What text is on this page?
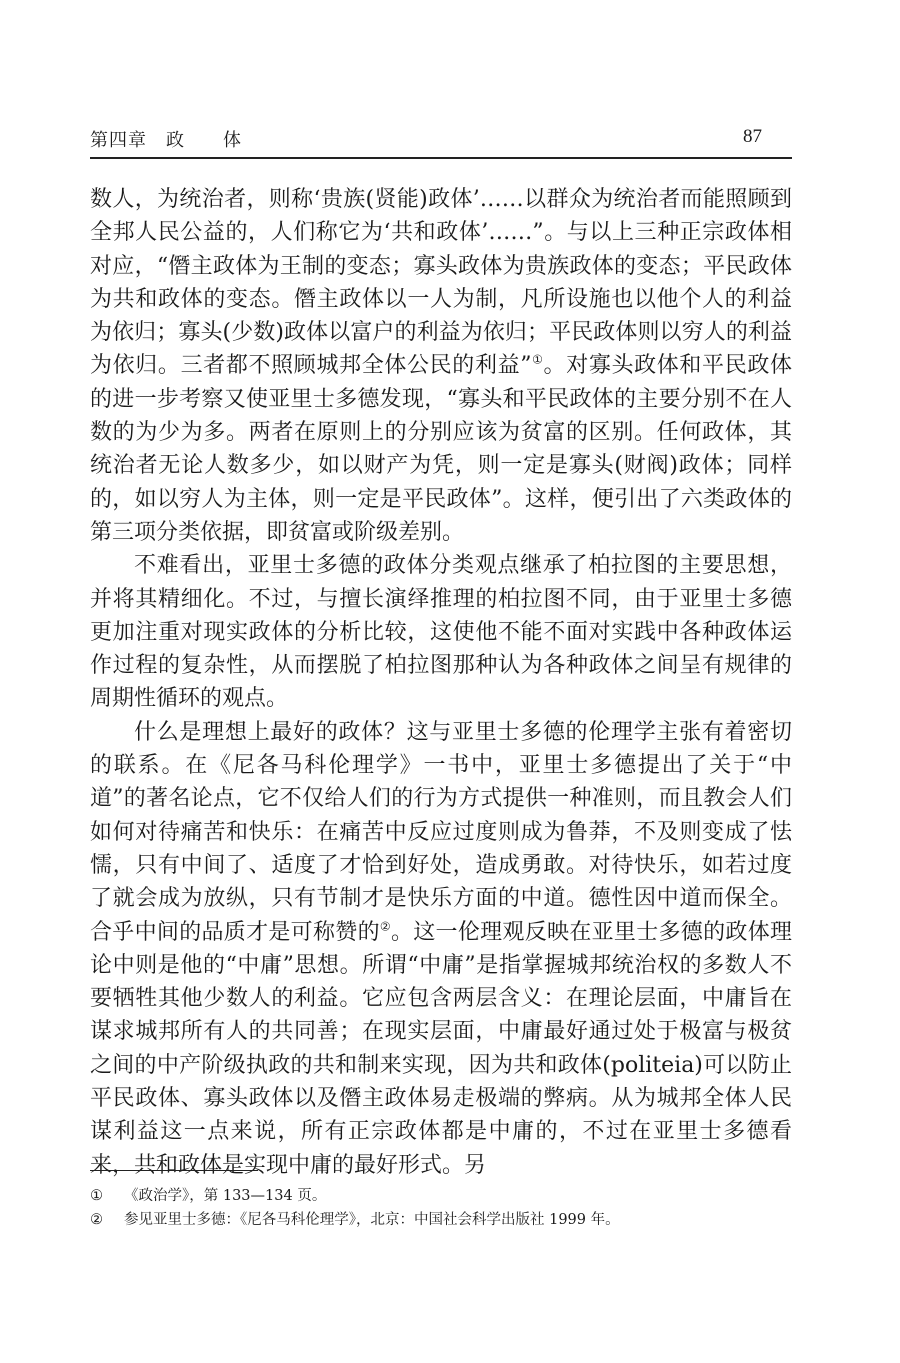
第四章　政　　体	87

数人，为统治者，则称‘贵族(贤能)政体’……以群众为统治者而能照顾到全邦人民公益的，人们称它为‘共和政体’……”。与以上三种正宗政体相对应，“僭主政体为王制的变态；寡头政体为贵族政体的变态；平民政体为共和政体的变态。僭主政体以一人为制，凡所设施也以他个人的利益为依归；寡头(少数)政体以富户的利益为依归；平民政体则以穷人的利益为依归。三者都不照顾城邦全体公民的利益”①。对寡头政体和平民政体的进一步考察又使亚里士多德发现，“寡头和平民政体的主要分别不在人数的为少为多。两者在原则上的分别应该为贫富的区别。任何政体，其统治者无论人数多少，如以财产为凭，则一定是寡头(财阀)政体；同样的，如以穷人为主体，则一定是平民政体”。这样，便引出了六类政体的第三项分类依据，即贫富或阶级差别。

不难看出，亚里士多德的政体分类观点继承了柏拉图的主要思想，并将其精细化。不过，与擅长演绎推理的柏拉图不同，由于亚里士多德更加注重对现实政体的分析比较，这使他不能不面对实践中各种政体运作过程的复杂性，从而摆脱了柏拉图那种认为各种政体之间呈有规律的周期性循环的观点。

什么是理想上最好的政体？这与亚里士多德的伦理学主张有着密切的联系。在《尼各马科伦理学》一书中，亚里士多德提出了关于“中道”的著名论点，它不仅给人们的行为方式提供一种准则，而且教会人们如何对待痛苦和快乐：在痛苦中反应过度则成为鲁莽，不及则变成了怯懦，只有中间了、适度了才恰到好处，造成勇敢。对待快乐，如若过度了就会成为放纵，只有节制才是快乐方面的中道。德性因中道而保全。合乎中间的品质才是可称赞的②。这一伦理观反映在亚里士多德的政体理论中则是他的“中庸”思想。所谓“中庸”是指掌握城邦统治权的多数人不要牺牲其他少数人的利益。它应包含两层含义：在理论层面，中庸旨在谋求城邦所有人的共同善；在现实层面，中庸最好通过处于极富与极贫之间的中产阶级执政的共和制来实现，因为共和政体(politeia)可以防止平民政体、寡头政体以及僭主政体易走极端的弊病。从为城邦全体人民谋利益这一点来说，所有正宗政体都是中庸的，不过在亚里士多德看来，共和政体是实现中庸的最好形式。另

① 《政治学》，第 133—134 页。

② 参见亚里士多德：《尼各马科伦理学》，北京：中国社会科学出版社 1999 年。
